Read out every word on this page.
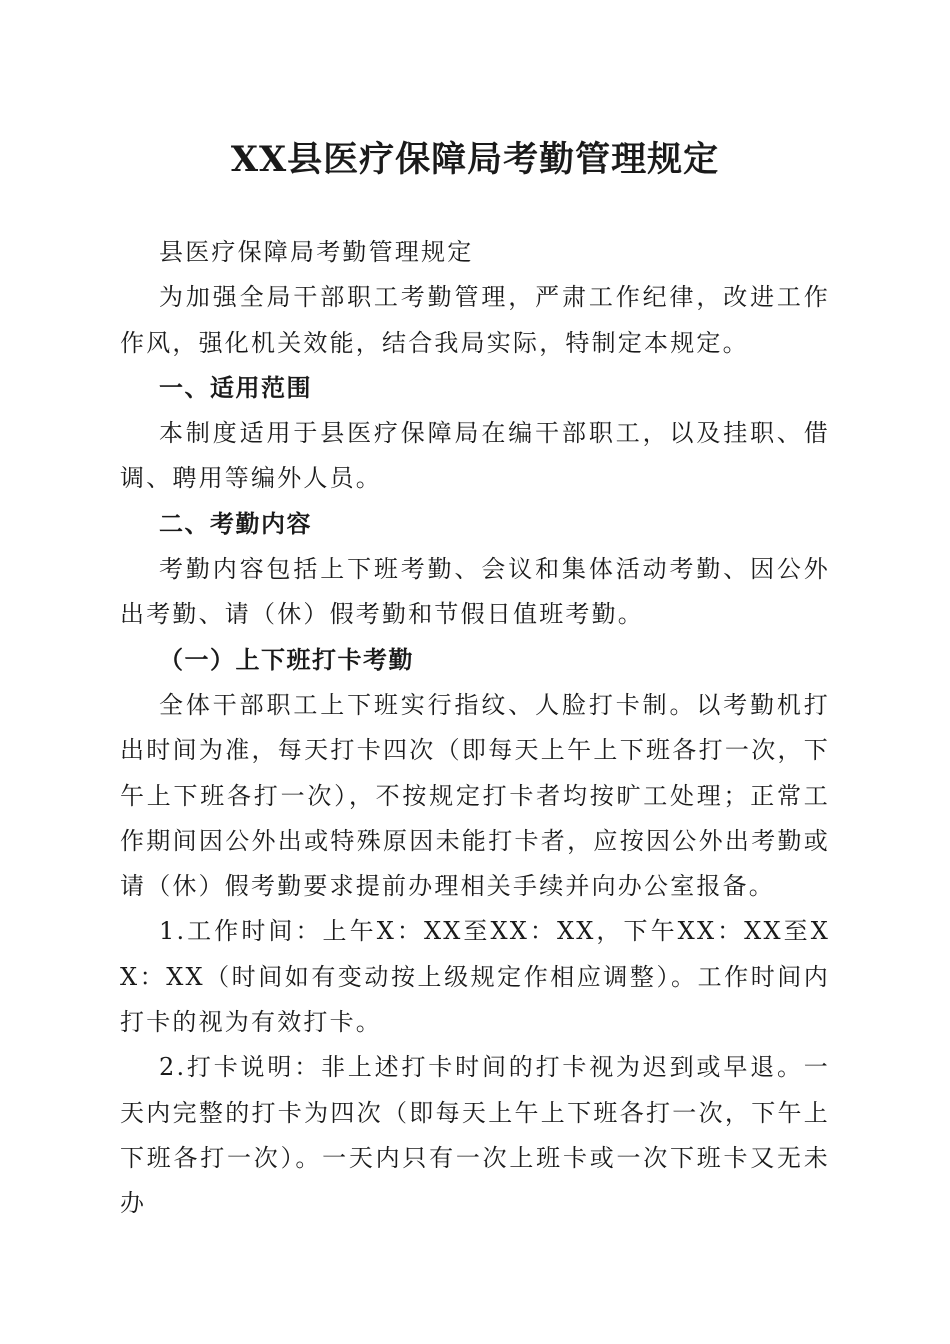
XX县医疗保障局考勤管理规定

县医疗保障局考勤管理规定

为加强全局干部职工考勤管理，严肃工作纪律，改进工作作风，强化机关效能，结合我局实际，特制定本规定。

一、适用范围

本制度适用于县医疗保障局在编干部职工，以及挂职、借调、聘用等编外人员。

二、考勤内容

考勤内容包括上下班考勤、会议和集体活动考勤、因公外出考勤、请（休）假考勤和节假日值班考勤。

（一）上下班打卡考勤

全体干部职工上下班实行指纹、人脸打卡制。以考勤机打出时间为准，每天打卡四次（即每天上午上下班各打一次，下午上下班各打一次），不按规定打卡者均按旷工处理；正常工作期间因公外出或特殊原因未能打卡者，应按因公外出考勤或请（休）假考勤要求提前办理相关手续并向办公室报备。

1.工作时间：上午X：XX至XX：XX，下午XX：XX至XX：XX（时间如有变动按上级规定作相应调整）。工作时间内打卡的视为有效打卡。

2.打卡说明：非上述打卡时间的打卡视为迟到或早退。一天内完整的打卡为四次（即每天上午上下班各打一次，下午上下班各打一次）。一天内只有一次上班卡或一次下班卡又无未办
